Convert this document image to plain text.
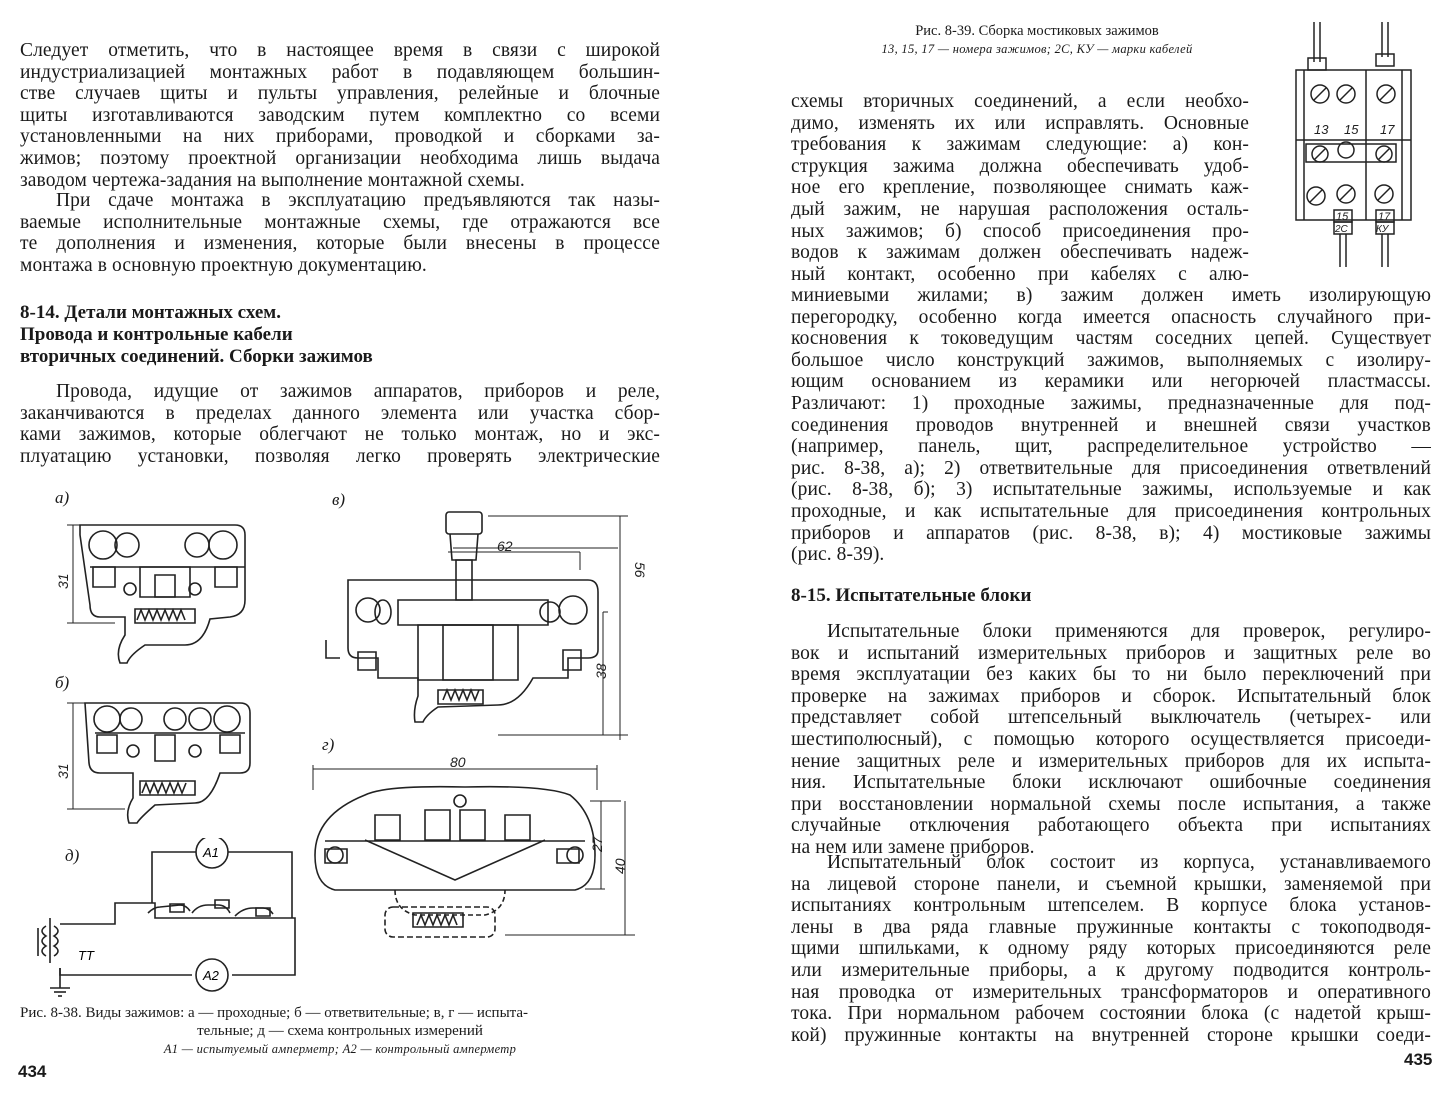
Следует отметить, что в настоящее время в связи с широкой
индустриализацией монтажных работ в подавляющем большин-
стве случаев щиты и пульты управления, релейные и блочные
щиты изготавливаются заводским путем комплектно со всеми
установленными на них приборами, проводкой и сборками за-
жимов; поэтому проектной организации необходима лишь выдача
заводом чертежа-задания на выполнение монтажной схемы.
При сдаче монтажа в эксплуатацию предъявляются так назы-
ваемые исполнительные монтажные схемы, где отражаются все
те дополнения и изменения, которые были внесены в процессе
монтажа в основную проектную документацию.
8-14. Детали монтажных схем.
Провода и контрольные кабели
вторичных соединений. Сборки зажимов
Провода, идущие от зажимов аппаратов, приборов и реле,
заканчиваются в пределах данного элемента или участка сбор-
ками зажимов, которые облегчают не только монтаж, но и экс-
плуатацию установки, позволяя легко проверять электрические
а)	в)
б)
г)
д)
31
31
62
56
38
80
27
40
ТТ
A1
A2
Рис. 8-38. Виды зажимов: а — проходные; б — ответвительные; в, г — испыта-
тельные; д — схема контрольных измерений
А1 — испытуемый амперметр; А2 — контрольный амперметр
434
Рис. 8-39. Сборка мостиковых зажимов
13, 15, 17 — номера зажимов; 2С, КУ — марки кабелей
13 15 17
15	17
2С	КУ
схемы вторичных соединений, а если необхо-
димо, изменять их или исправлять. Основные
требования к зажимам следующие: а) кон-
струкция зажима должна обеспечивать удоб-
ное его крепление, позволяющее снимать каж-
дый зажим, не нарушая расположения осталь-
ных зажимов; б) способ присоединения про-
водов к зажимам должен обеспечивать надеж-
ный контакт, особенно при кабелях с алю-
миниевыми жилами; в) зажим должен иметь изолирующую
перегородку, особенно когда имеется опасность случайного при-
косновения к токоведущим частям соседних цепей. Существует
большое число конструкций зажимов, выполняемых с изолиру-
ющим основанием из керамики или негорючей пластмассы.
Различают: 1) проходные зажимы, предназначенные для под-
соединения проводов внутренней и внешней связи участков
(например, панель, щит, распределительное устройство —
рис. 8-38, а); 2) ответвительные для присоединения ответвлений
(рис. 8-38, б); 3) испытательные зажимы, используемые и как
проходные, и как испытательные для присоединения контрольных
приборов и аппаратов (рис. 8-38, в); 4) мостиковые зажимы
(рис. 8-39).
8-15. Испытательные блоки
Испытательные блоки применяются для проверок, регулиро-
вок и испытаний измерительных приборов и защитных реле во
время эксплуатации без каких бы то ни было переключений при
проверке на зажимах приборов и сборок. Испытательный блок
представляет собой штепсельный выключатель (четырех- или
шестиполюсный), с помощью которого осуществляется присоеди-
нение защитных реле и измерительных приборов для их испыта-
ния. Испытательные блоки исключают ошибочные соединения
при восстановлении нормальной схемы после испытания, а также
случайные отключения работающего объекта при испытаниях
на нем или замене приборов.
Испытательный блок состоит из корпуса, устанавливаемого
на лицевой стороне панели, и съемной крышки, заменяемой при
испытаниях контрольным штепселем. В корпусе блока установ-
лены в два ряда главные пружинные контакты с токоподводя-
щими шпильками, к одному ряду которых присоединяются реле
или измерительные приборы, а к другому подводится контроль-
ная проводка от измерительных трансформаторов и оперативного
тока. При нормальном рабочем состоянии блока (с надетой крыш-
кой) пружинные контакты на внутренней стороне крышки соеди-
435
